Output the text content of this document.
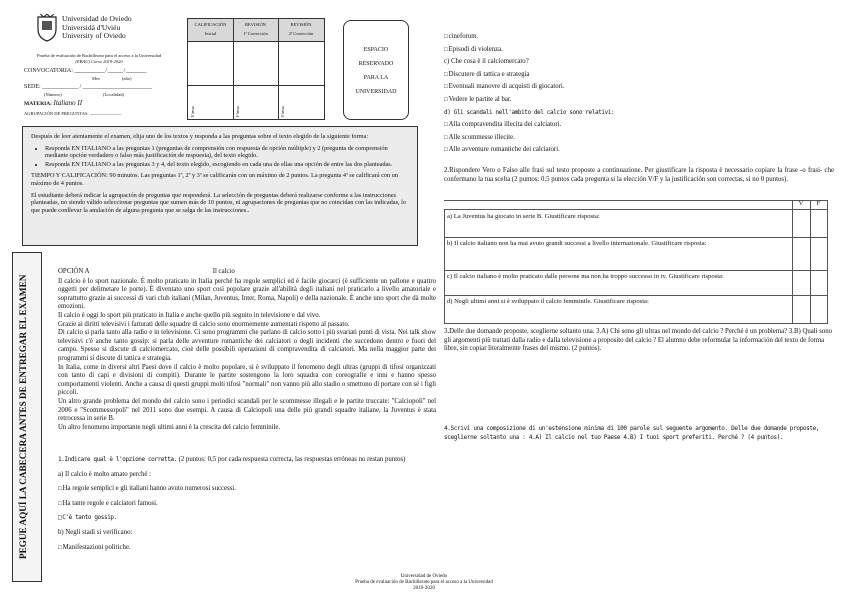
Universidad de Oviedo
Universidá d'Uviéu
University of Oviedo
Prueba de evaluación de Bachillerato para el acceso a la Universidad
(EBAU) Curso 2019-2020
CONVOCATORIA: ____________ / ______ / ________
Mes	(año)
SEDE: ____________ / _______________________
(Número)	(Localidad)
MATERIA: Italiano II
AGRUPACIÓN DE PREGUNTAS: ..................................................
CALIFICACIÓN	REVISIÓN	REVISIÓN
Inicial	1ª Corrección	2ª Corrección
Firma	Firma	Firma
ESPACIO
RESERVADO
PARA LA
UNIVERSIDAD
Después de leer atentamente el examen, elija uno de los textos y responda a las preguntas sobre el texto elegido de la siguiente forma:
• Responda EN ITALIANO a las preguntas 1 (preguntas de comprensión con respuesta de opción múltiple) y 2 (pregunta de comprensión mediante opción verdadero o falso más justificación de respuesta), del texto elegido.
• Responda EN ITALIANO a las preguntas 3 y 4, del texto elegido, escogiendo en cada una de ellas una opción de entre las dos planteadas.
TIEMPO Y CALIFICACIÓN: 90 minutos. Las preguntas 1ª, 2ª y 3ª se calificarán con un máximo de 2 puntos. La pregunta 4ª se calificará con un máximo de 4 puntos.
El estudiante deberá indicar la agrupación de preguntas que responderá. La selección de preguntas deberá realizarse conforme a las instrucciones planteadas, no siendo válido seleccionar preguntas que sumen más de 10 puntos, ni agrupaciones de preguntas que no coincidan con las indicadas, lo que puede conllevar la anulación de alguna pregunta que se salga de las instrucciones..
PEGUE AQUÍ LA CABECERA ANTES DE ENTREGAR EL EXAMEN
OPCIÓN A	Il calcio
Il calcio è lo sport nazionale. È molto praticato in Italia perché ha regole semplici ed è facile giocarci (è sufficiente un pallone e quattro oggetti per delimetare le porte). È diventato uno sport così popolare grazie all'abilità degli italiani nel praticarlo a livello amatoriale e soprattutto grazie ai successi di vari club italiani (Milan, Juventus, Inter, Roma, Napoli) e della nazionale. È anche uno sport che dà molte emozioni.
Il calcio è oggi lo sport più praticato in Italia e anche quello più seguito in televisione e dal vivo.
Grazie ai diritti televisivi i fatturati delle squadre di calcio sono enormemente aumentati rispetto al passato.
Di calcio si parla tanto alla radio e in televisione. Ci sono programmi che parlano di calcio sotto i più svariati punti di vista. Nei talk show televisivi c'è anche tanto gossip: si parla delle avventure romantiche dei calciatori o degli incidenti che succedono dentro e fuori del campo. Spesso si discute di calciomercato, cioè delle possibili operazioni di compravendita di calciatori. Ma nella maggior parte dei programmi si discute di tattica e strategia.
In Italia, come in diversi altri Paesi dove il calcio è molto popolare, si è sviluppato il fenomeno degli ultras (gruppi di tifosi organizzati con tanto di capi e divisioni di compiti). Durante le partite sostengono la loro squadra con coreografie e inni e hanno spesso comportamenti violenti. Anche a causa di questi gruppi molti tifosi "normali" non vanno più allo stadio o smettono di portare con sé i figli piccoli.
Un altro grande problema del mondo del calcio sono i periodici scandali per le scommesse illegali e le partite truccate: "Calciopoli" nel 2006 e "Scommessopoli" nel 2011 sono due esempi. A causa di Calciopoli una delle più grandi squadre italiane, la Juventus è stata retrocessa in serie B.
Un altro fenomeno importante negli ultimi anni è la crescita del calcio femminile.
1.Indicare qual è l'opzione corretta. (2 puntos: 0,5 por cada respuesta correcta, las respuestas erróneas no restan puntos)
a) Il calcio è molto amato perché :
□ Ha regole semplici e gli italiani hanno avuto numerosi successi.
□ Ha tante regole e calciatori famosi.
□ C'è tanto gossip.
b) Negli stadi si verificano:
□ Manifestazioni politiche.
□ cineforum.
□ Episodi di violenza.
c) Che cosa è il calciomercato?
□ Discutere di tattica e strategia
□ Eventuali manovre di acquisti di giocatori.
□ Vedere le partite al bar.
d) Gli scandali nell'ambito del calcio sono relativi:
□ Alla compravendita illecita dei calciatori.
□ Alle scommesse illecite.
□ Alle avventure romantiche dei calciatori.
2.Rispondere Vero o Falso alle frasi sul testo proposte a continuazione. Per giustificare la risposta è necessario copiare la frase -o frasi- che confermano la tua scelta (2 puntos: 0,5 puntos cada pregunta si la elección V/F y la justificación son correctas, si no 0 puntos).
V	F
a) La Juventus ha giocato in serie B. Giustificare risposta:
b) Il calcio italiano non ha mai avuto grandi successi a livello internazionale. Giustificare risposta:
c) Il calcio italiano è molto praticato dalle persone ma non ha troppo successo in tv. Giustificare risposta:
d) Negli ultimi anni si è sviluppato il calcio femminile. Giustificare risposta:
3.Delle due domande proposte, sceglierne soltanto una. 3.A) Chi sono gli ultras nel mondo del calcio ? Perché è un problema? 3.B) Quali sono gli argomenti più trattati dalla radio e dalla televisione a proposito del calcio ? El alumno debe reformular la información del texto de forma libre, sin copiar literalmente frases del mismo. (2 puntos).
4.Scrivi una composizione di un'estensione minima di 100 parole sul seguente argomento. Delle due domande proposte, sceglierne soltanto una : 4.A) Il calcio nel tuo Paese 4.B) I tuoi sport preferiti. Perché ? (4 puntos).
Universidad de Oviedo
Prueba de evaluación de Bachillerato para el acceso a la Universidad
2019-2020
